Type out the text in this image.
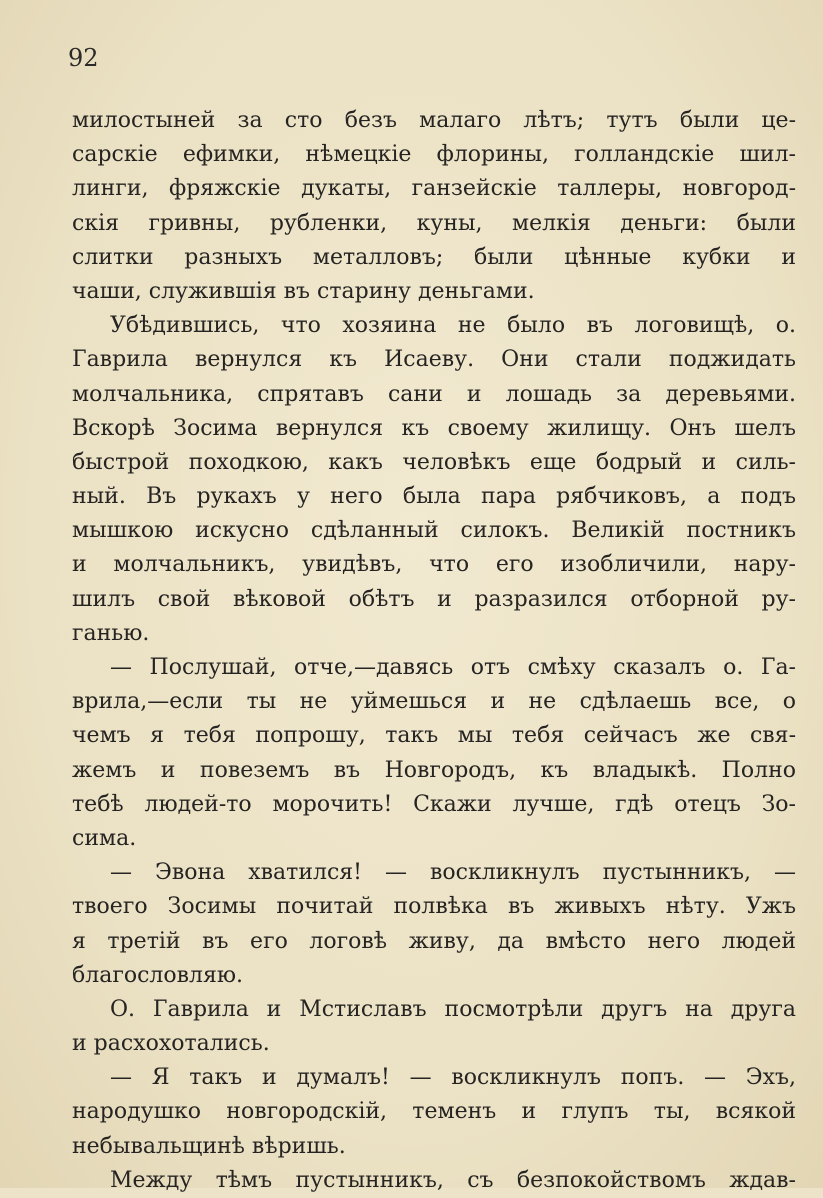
92
милостыней за сто безъ малаго лѣтъ; тутъ были це-
сарскіе ефимки, нѣмецкіе флорины, голландскіе шил-
линги, фряжскіе дукаты, ганзейскіе таллеры, новгород-
скія гривны, рубленки, куны, мелкія деньги: были
слитки разныхъ металловъ; были цѣнные кубки и
чаши, служившія въ старину деньгами.
Убѣдившись, что хозяина не было въ логовищѣ, о.
Гаврила вернулся къ Исаеву. Они стали поджидать
молчальника, спрятавъ сани и лошадь за деревьями.
Вскорѣ Зосима вернулся къ своему жилищу. Онъ шелъ
быстрой походкою, какъ человѣкъ еще бодрый и силь-
ный. Въ рукахъ у него была пара рябчиковъ, а подъ
мышкою искусно сдѣланный силокъ. Великій постникъ
и молчальникъ, увидѣвъ, что его изобличили, нару-
шилъ свой вѣковой обѣтъ и разразился отборной ру-
ганью.
— Послушай, отче,—давясь отъ смѣху сказалъ о. Га-
врила,—если ты не уймешься и не сдѣлаешь все, о
чемъ я тебя попрошу, такъ мы тебя сейчасъ же свя-
жемъ и повеземъ въ Новгородъ, къ владыкѣ. Полно
тебѣ людей-то морочить! Скажи лучше, гдѣ отецъ Зо-
сима.
— Эвона хватился! — воскликнулъ пустынникъ, —
твоего Зосимы почитай полвѣка въ живыхъ нѣту. Ужъ
я третій въ его логовѣ живу, да вмѣсто него людей
благословляю.
О. Гаврила и Мстиславъ посмотрѣли другъ на друга
и расхохотались.
— Я такъ и думалъ! — воскликнулъ попъ. — Эхъ,
народушко новгородскій, теменъ и глупъ ты, всякой
небывальщинѣ вѣришь.
Между тѣмъ пустынникъ, съ безпокойствомъ ждав-
